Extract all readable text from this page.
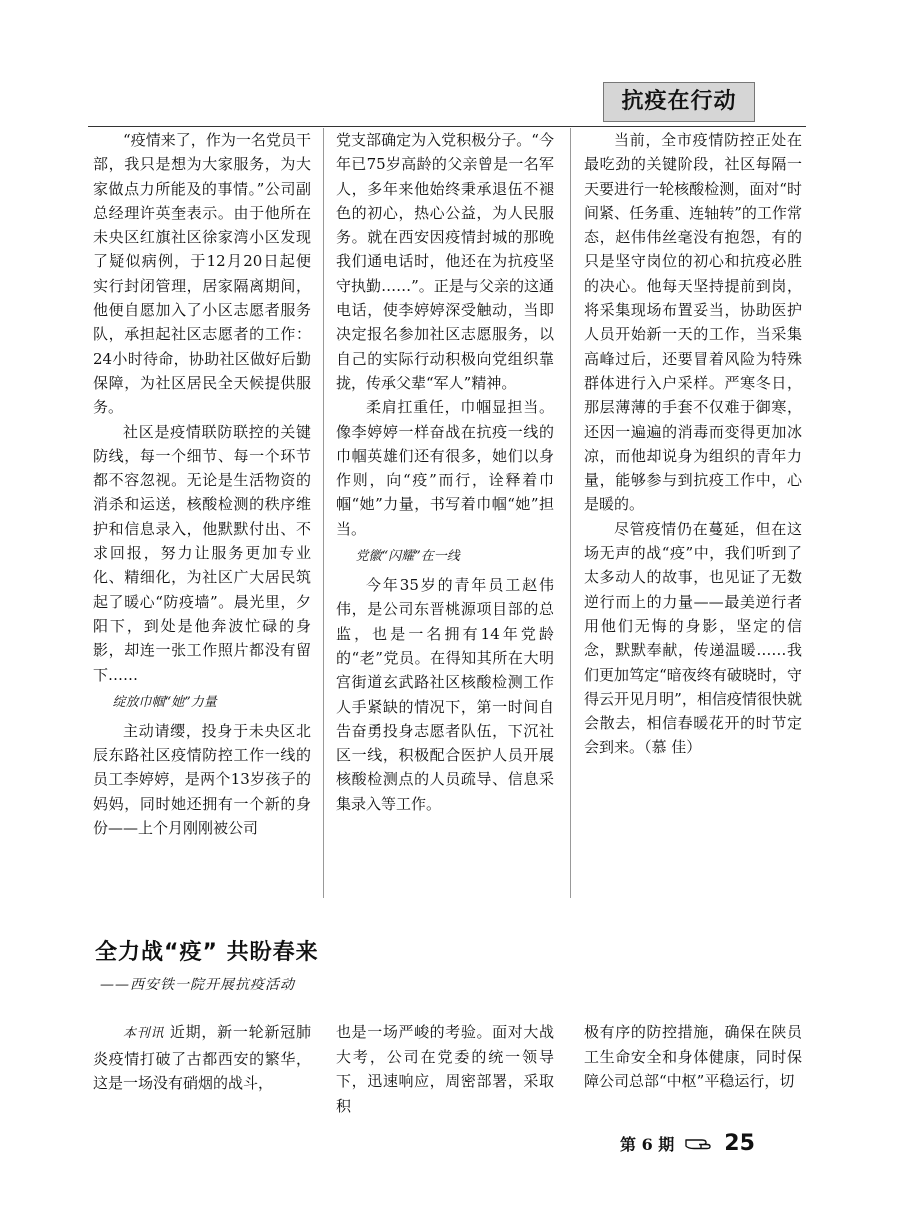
抗疫在行动

“疫情来了，作为一名党员干部，我只是想为大家服务，为大家做点力所能及的事情。”公司副总经理许英奎表示。由于他所在未央区红旗社区徐家湾小区发现了疑似病例，于12月20日起便实行封闭管理，居家隔离期间，他便自愿加入了小区志愿者服务队，承担起社区志愿者的工作：24小时待命，协助社区做好后勤保障，为社区居民全天候提供服务。

社区是疫情联防联控的关键防线，每一个细节、每一个环节都不容忽视。无论是生活物资的消杀和运送，核酸检测的秩序维护和信息录入，他默默付出、不求回报，努力让服务更加专业化、精细化，为社区广大居民筑起了暖心“防疫墙”。晨光里，夕阳下，到处是他奔波忙碌的身影，却连一张工作照片都没有留下……

绽放巾帼“她”力量

主动请缨，投身于未央区北辰东路社区疫情防控工作一线的员工李婷婷，是两个13岁孩子的妈妈，同时她还拥有一个新的身份——上个月刚刚被公司

党支部确定为入党积极分子。“今年已75岁高龄的父亲曾是一名军人，多年来他始终秉承退伍不褪色的初心，热心公益，为人民服务。就在西安因疫情封城的那晚我们通电话时，他还在为抗疫坚守执勤……”。正是与父亲的这通电话，使李婷婷深受触动，当即决定报名参加社区志愿服务，以自己的实际行动积极向党组织靠拢，传承父辈“军人”精神。

柔肩扛重任，巾帼显担当。像李婷婷一样奋战在抗疫一线的巾帼英雄们还有很多，她们以身作则，向“疫”而行，诠释着巾帼“她”力量，书写着巾帼“她”担当。

党徽“闪耀”在一线

今年35岁的青年员工赵伟伟，是公司东晋桃源项目部的总监，也是一名拥有14年党龄的“老”党员。在得知其所在大明宫街道玄武路社区核酸检测工作人手紧缺的情况下，第一时间自告奋勇投身志愿者队伍，下沉社区一线，积极配合医护人员开展核酸检测点的人员疏导、信息采集录入等工作。

当前，全市疫情防控正处在最吃劲的关键阶段，社区每隔一天要进行一轮核酸检测，面对“时间紧、任务重、连轴转”的工作常态，赵伟伟丝毫没有抱怨，有的只是坚守岗位的初心和抗疫必胜的决心。他每天坚持提前到岗，将采集现场布置妥当，协助医护人员开始新一天的工作，当采集高峰过后，还要冒着风险为特殊群体进行入户采样。严寒冬日，那层薄薄的手套不仅难于御寒，还因一遍遍的消毒而变得更加冰凉，而他却说身为组织的青年力量，能够参与到抗疫工作中，心是暖的。

尽管疫情仍在蔓延，但在这场无声的战“疫”中，我们听到了太多动人的故事，也见证了无数逆行而上的力量——最美逆行者用他们无悔的身影，坚定的信念，默默奉献，传递温暖……我们更加笃定“暗夜终有破晓时，守得云开见月明”，相信疫情很快就会散去，相信春暖花开的时节定会到来。（慕 佳）

全力战“疫” 共盼春来
——西安铁一院开展抗疫活动

本刊讯 近期，新一轮新冠肺炎疫情打破了古都西安的繁华，这是一场没有硝烟的战斗，

也是一场严峻的考验。面对大战大考，公司在党委的统一领导下，迅速响应，周密部署，采取积

极有序的防控措施，确保在陕员工生命安全和身体健康，同时保障公司总部“中枢”平稳运行，切

第 6 期 25
